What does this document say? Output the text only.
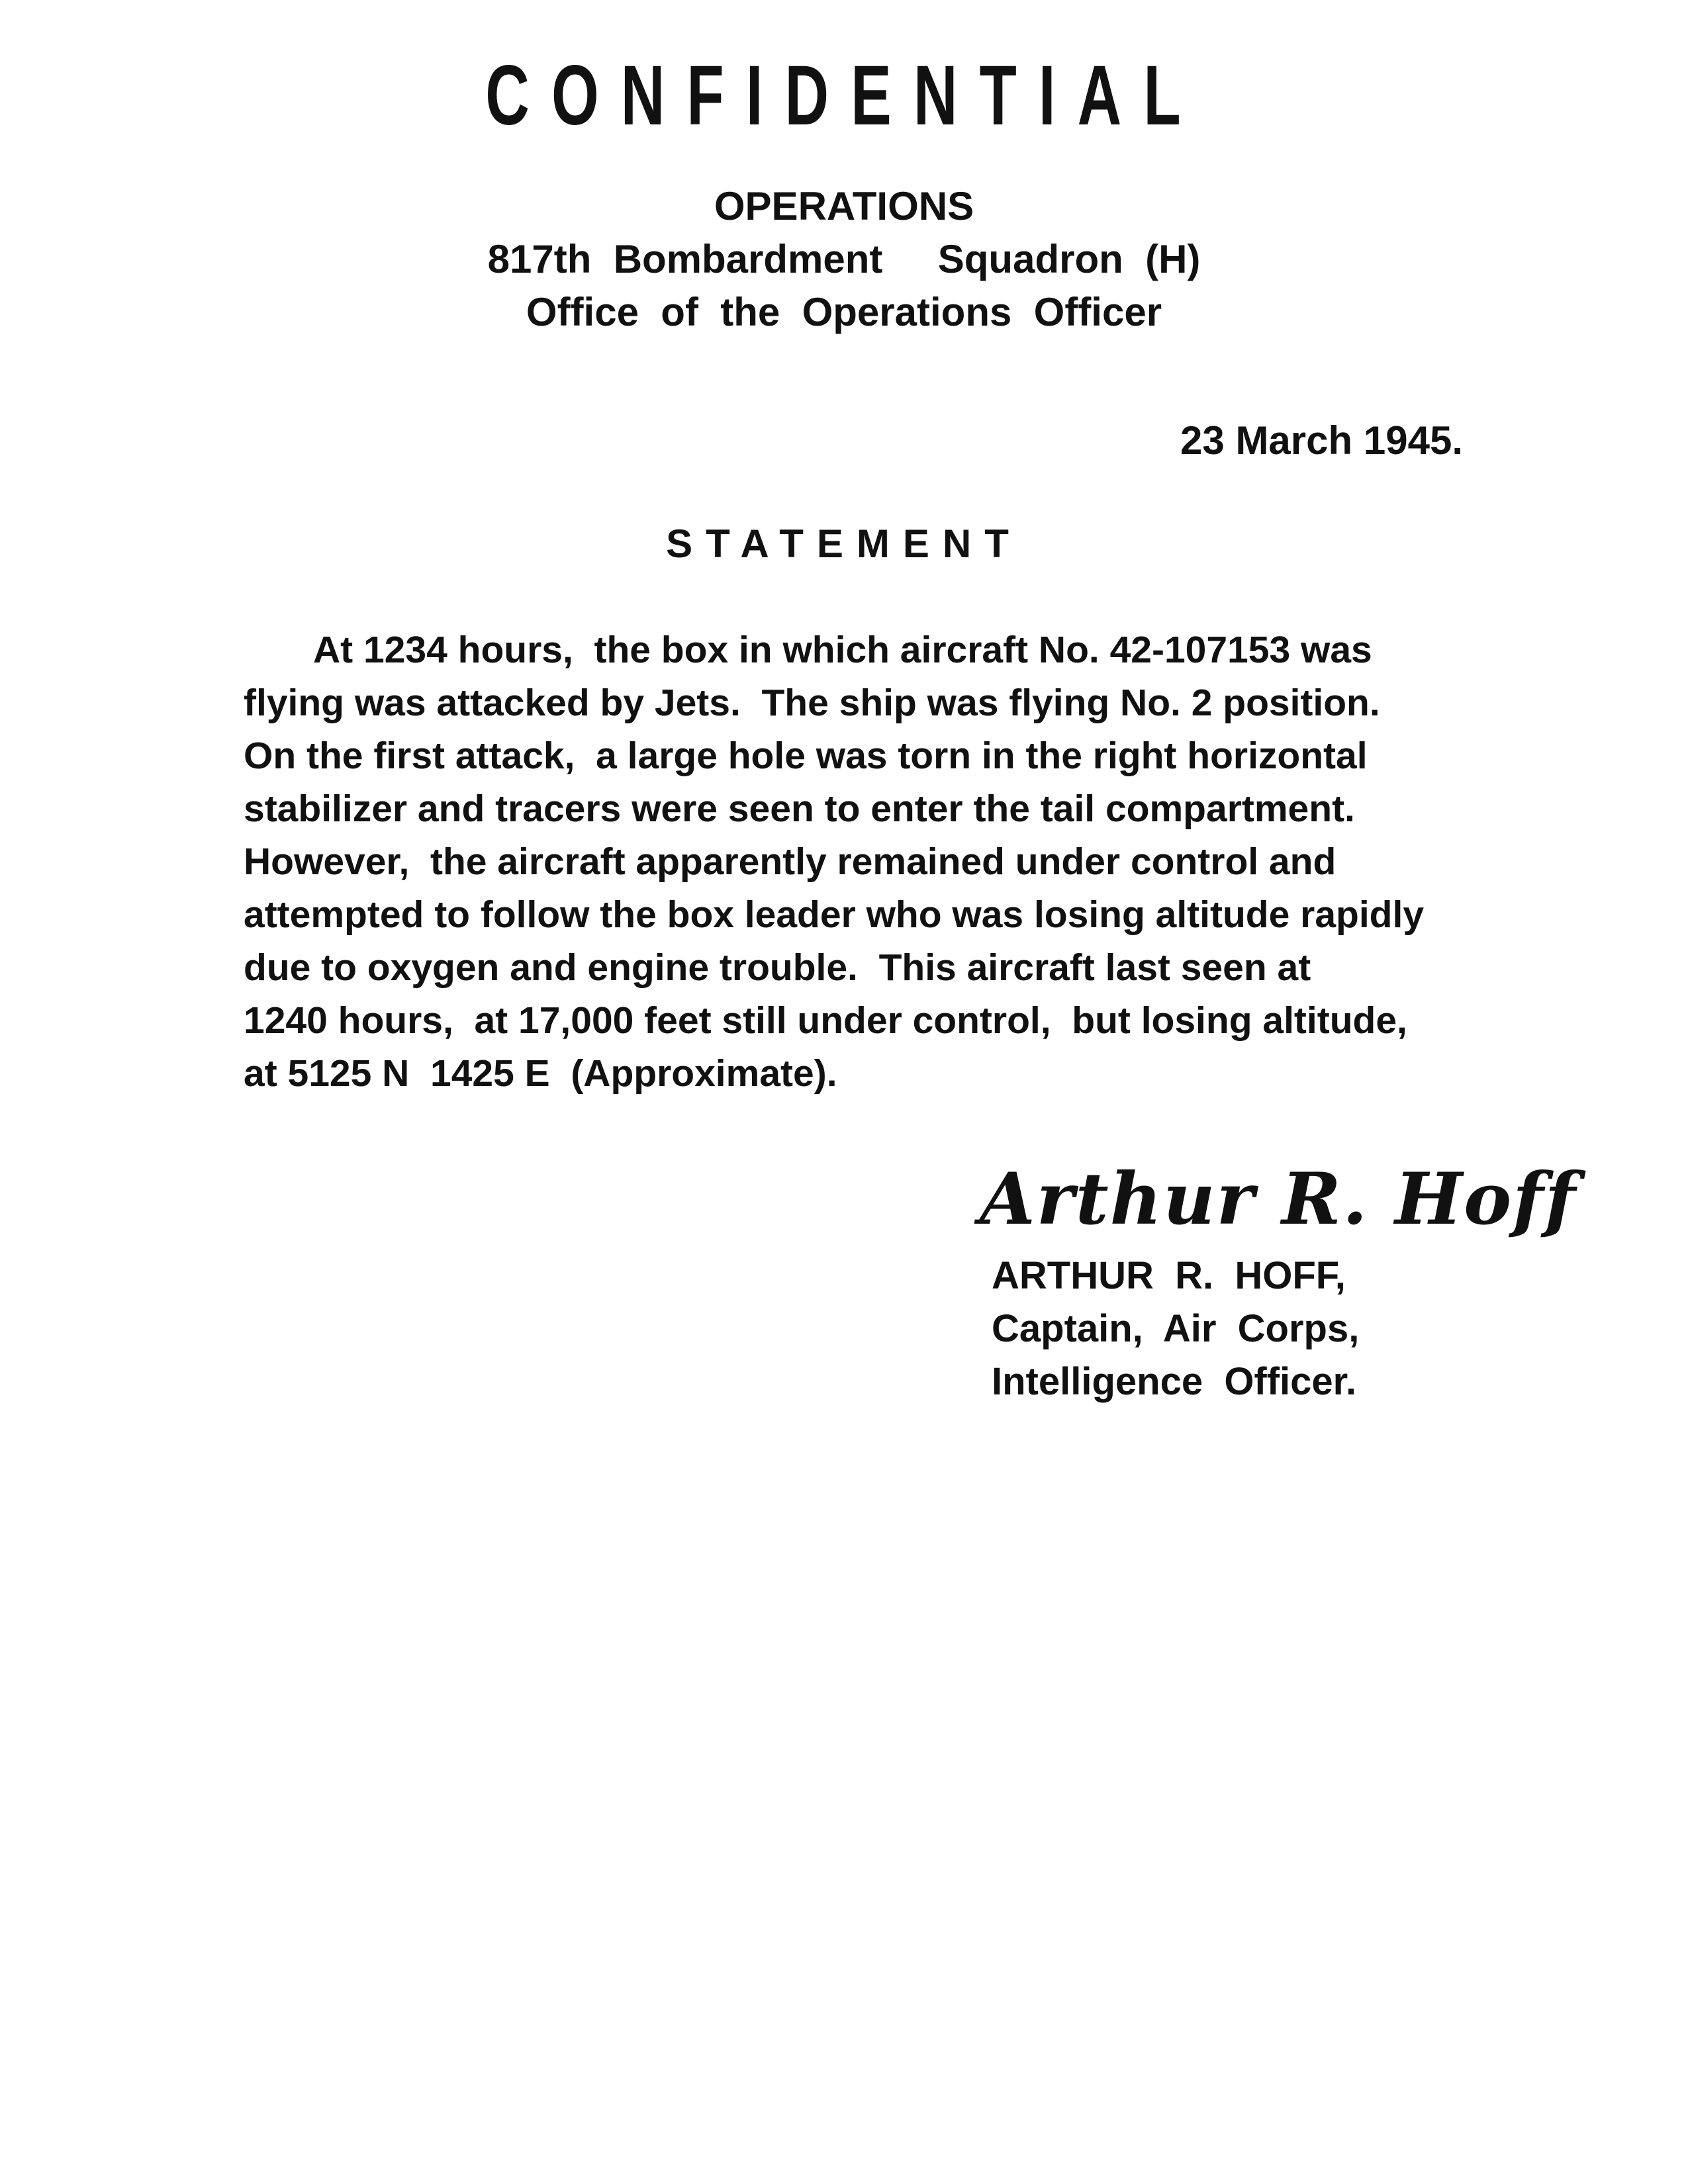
CONFIDENTIAL
OPERATIONS
817th  Bombardment     Squadron  (H)
Office  of  the  Operations  Officer
23 March 1945.
STATEMENT
At 1234 hours,  the box in which aircraft No. 42-107153 was
flying was attacked by Jets.  The ship was flying No. 2 position.
On the first attack,  a large hole was torn in the right horizontal
stabilizer and tracers were seen to enter the tail compartment.
However,  the aircraft apparently remained under control and
attempted to follow the box leader who was losing altitude rapidly
due to oxygen and engine trouble.  This aircraft last seen at
1240 hours,  at 17,000 feet still under control,  but losing altitude,
at 5125 N  1425 E  (Approximate).
Arthur R. Hoff
ARTHUR  R.  HOFF,
Captain,  Air  Corps,
Intelligence  Officer.
